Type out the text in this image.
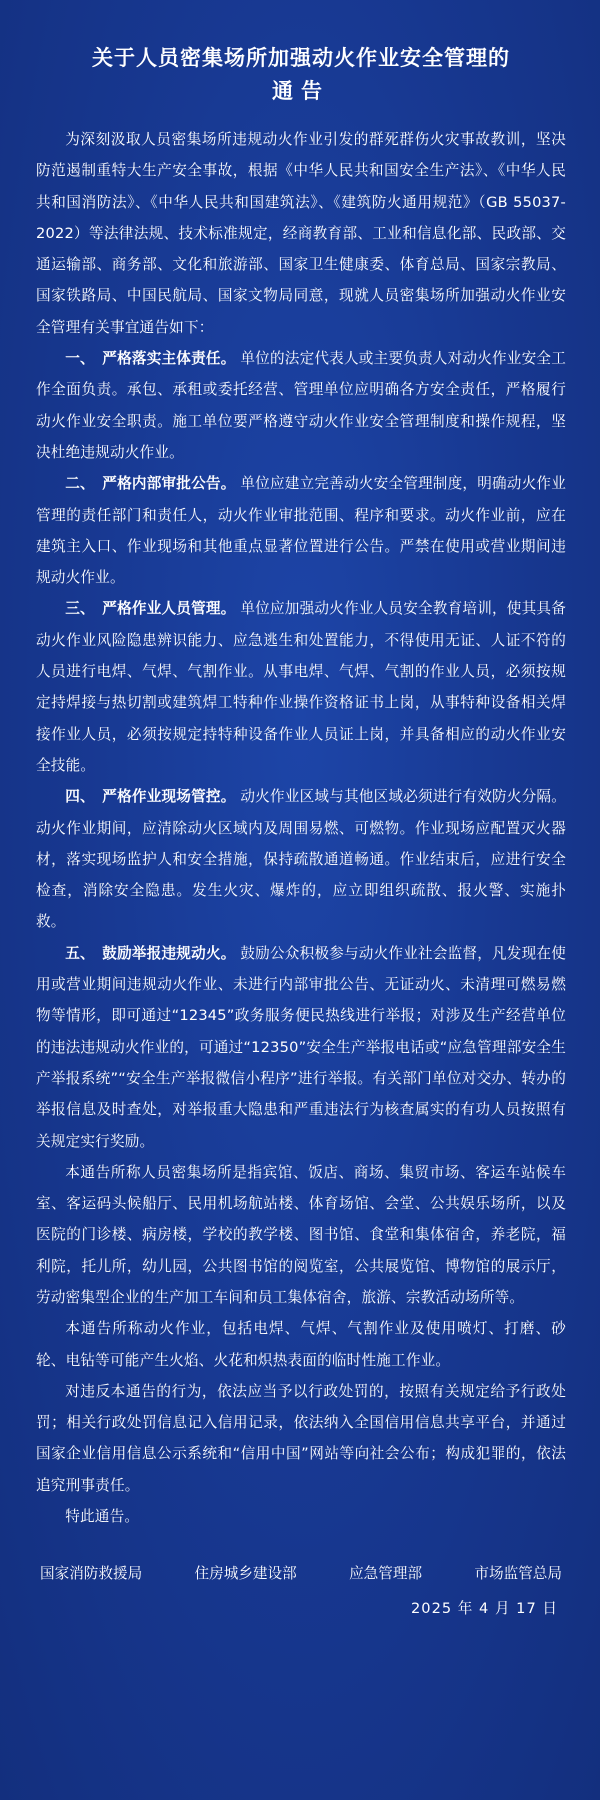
关于人员密集场所加强动火作业安全管理的
通告

为深刻汲取人员密集场所违规动火作业引发的群死群伤火灾事故教训，坚决防范遏制重特大生产安全事故，根据《中华人民共和国安全生产法》、《中华人民共和国消防法》、《中华人民共和国建筑法》、《建筑防火通用规范》（GB 55037-2022）等法律法规、技术标准规定，经商教育部、工业和信息化部、民政部、交通运输部、商务部、文化和旅游部、国家卫生健康委、体育总局、国家宗教局、国家铁路局、中国民航局、国家文物局同意，现就人员密集场所加强动火作业安全管理有关事宜通告如下：

一、　严格落实主体责任。 单位的法定代表人或主要负责人对动火作业安全工作全面负责。承包、承租或委托经营、管理单位应明确各方安全责任，严格履行动火作业安全职责。施工单位要严格遵守动火作业安全管理制度和操作规程，坚决杜绝违规动火作业。

二、　严格内部审批公告。 单位应建立完善动火安全管理制度，明确动火作业管理的责任部门和责任人，动火作业审批范围、程序和要求。动火作业前，应在建筑主入口、作业现场和其他重点显著位置进行公告。严禁在使用或营业期间违规动火作业。

三、　严格作业人员管理。 单位应加强动火作业人员安全教育培训，使其具备动火作业风险隐患辨识能力、应急逃生和处置能力，不得使用无证、人证不符的人员进行电焊、气焊、气割作业。从事电焊、气焊、气割的作业人员，必须按规定持焊接与热切割或建筑焊工特种作业操作资格证书上岗，从事特种设备相关焊接作业人员，必须按规定持特种设备作业人员证上岗，并具备相应的动火作业安全技能。

四、　严格作业现场管控。 动火作业区域与其他区域必须进行有效防火分隔。动火作业期间，应清除动火区域内及周围易燃、可燃物。作业现场应配置灭火器材，落实现场监护人和安全措施，保持疏散通道畅通。作业结束后，应进行安全检查，消除安全隐患。发生火灾、爆炸的，应立即组织疏散、报火警、实施扑救。

五、　鼓励举报违规动火。 鼓励公众积极参与动火作业社会监督，凡发现在使用或营业期间违规动火作业、未进行内部审批公告、无证动火、未清理可燃易燃物等情形，即可通过“12345”政务服务便民热线进行举报；对涉及生产经营单位的违法违规动火作业的，可通过“12350”安全生产举报电话或“应急管理部安全生产举报系统”“安全生产举报微信小程序”进行举报。有关部门单位对交办、转办的举报信息及时查处，对举报重大隐患和严重违法行为核查属实的有功人员按照有关规定实行奖励。

本通告所称人员密集场所是指宾馆、饭店、商场、集贸市场、客运车站候车室、客运码头候船厅、民用机场航站楼、体育场馆、会堂、公共娱乐场所，以及医院的门诊楼、病房楼，学校的教学楼、图书馆、食堂和集体宿舍，养老院，福利院，托儿所，幼儿园，公共图书馆的阅览室，公共展览馆、博物馆的展示厅，劳动密集型企业的生产加工车间和员工集体宿舍，旅游、宗教活动场所等。

本通告所称动火作业，包括电焊、气焊、气割作业及使用喷灯、打磨、砂轮、电钻等可能产生火焰、火花和炽热表面的临时性施工作业。

对违反本通告的行为，依法应当予以行政处罚的，按照有关规定给予行政处罚；相关行政处罚信息记入信用记录，依法纳入全国信用信息共享平台，并通过国家企业信用信息公示系统和“信用中国”网站等向社会公布；构成犯罪的，依法追究刑事责任。

特此通告。

国家消防救援局	住房城乡建设部	应急管理部	市场监管总局
2025 年 4 月 17 日
